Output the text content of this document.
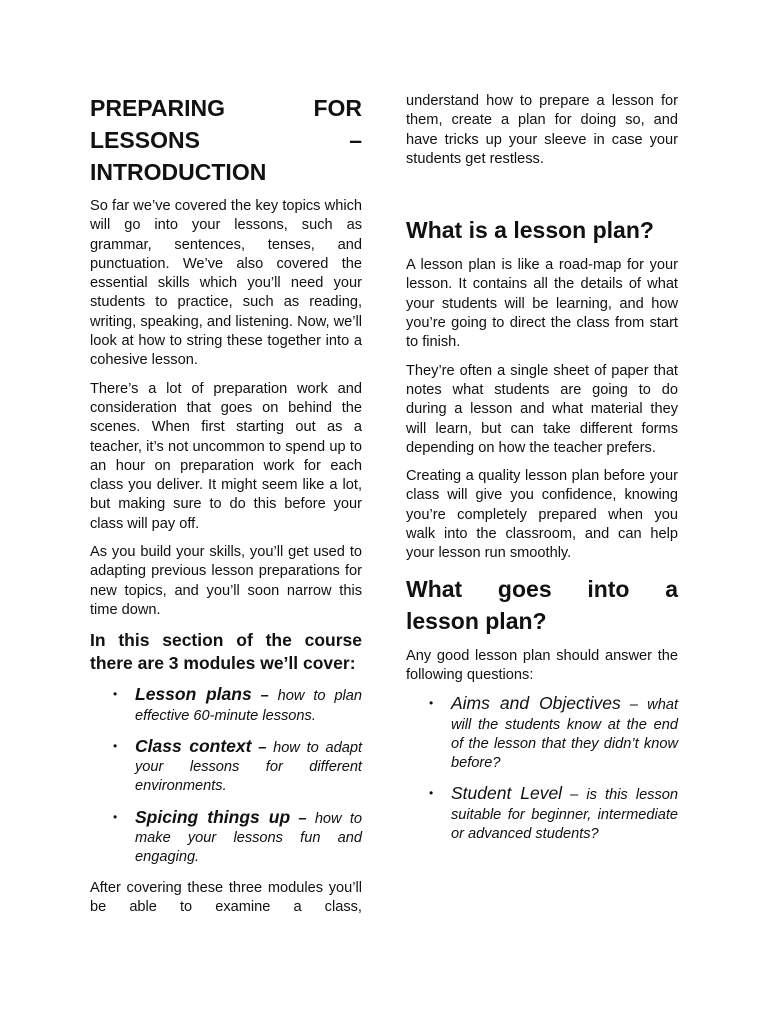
PREPARING FOR
LESSONS –
INTRODUCTION

So far we’ve covered the key topics which will go into your lessons, such as grammar, sentences, tenses, and punctuation. We’ve also covered the essential skills which you’ll need your students to practice, such as reading, writing, speaking, and listening. Now, we’ll look at how to string these together into a cohesive lesson.

There’s a lot of preparation work and consideration that goes on behind the scenes. When first starting out as a teacher, it’s not uncommon to spend up to an hour on preparation work for each class you deliver. It might seem like a lot, but making sure to do this before your class will pay off.

As you build your skills, you’ll get used to adapting previous lesson preparations for new topics, and you’ll soon narrow this time down.

In this section of the course there are 3 modules we’ll cover:
• Lesson plans – how to plan effective 60-minute lessons.
• Class context – how to adapt your lessons for different environments.
• Spicing things up – how to make your lessons fun and engaging.

After covering these three modules you’ll be able to examine a class,

understand how to prepare a lesson for them, create a plan for doing so, and have tricks up your sleeve in case your students get restless.

What is a lesson plan?

A lesson plan is like a road-map for your lesson. It contains all the details of what your students will be learning, and how you’re going to direct the class from start to finish.

They’re often a single sheet of paper that notes what students are going to do during a lesson and what material they will learn, but can take different forms depending on how the teacher prefers.

Creating a quality lesson plan before your class will give you confidence, knowing you’re completely prepared when you walk into the classroom, and can help your lesson run smoothly.

What goes into a
lesson plan?

Any good lesson plan should answer the following questions:

• Aims and Objectives – what will the students know at the end of the lesson that they didn’t know before?
• Student Level – is this lesson suitable for beginner, intermediate or advanced students?
